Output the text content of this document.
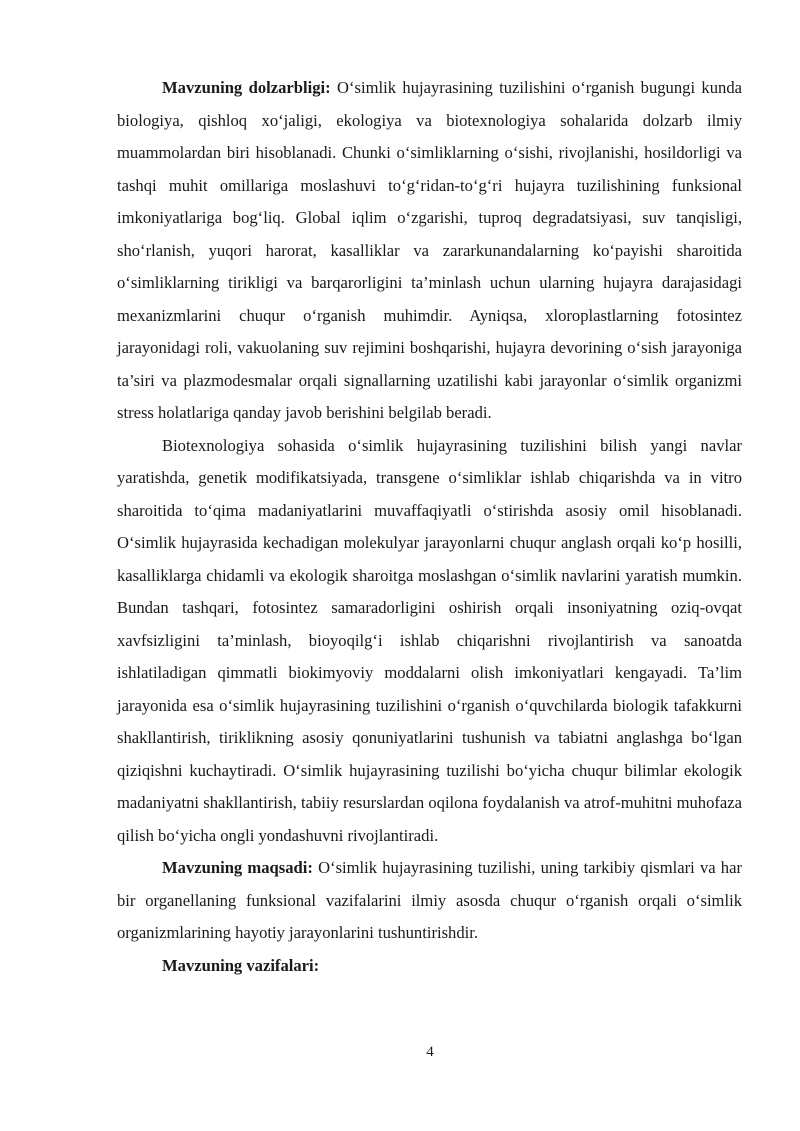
Mavzuning dolzarbligi: O‘simlik hujayrasining tuzilishini o‘rganish bugungi kunda biologiya, qishloq xo‘jaligi, ekologiya va biotexnologiya sohalarida dolzarb ilmiy muammolardan biri hisoblanadi. Chunki o‘simliklarning o‘sishi, rivojlanishi, hosildorligi va tashqi muhit omillariga moslashuvi to‘g‘ridan-to‘g‘ri hujayra tuzilishining funksional imkoniyatlariga bog‘liq. Global iqlim o‘zgarishi, tuproq degradatsiyasi, suv tanqisligi, sho‘rlanish, yuqori harorat, kasalliklar va zararkunandalarning ko‘payishi sharoitida o‘simliklarning tirikligi va barqarorligini ta’minlash uchun ularning hujayra darajasidagi mexanizmlarini chuqur o‘rganish muhimdir. Ayniqsa, xloroplastlarning fotosintez jarayonidagi roli, vakuolaning suv rejimini boshqarishi, hujayra devorining o‘sish jarayoniga ta’siri va plazmodesmalar orqali signallarning uzatilishi kabi jarayonlar o‘simlik organizmi stress holatlariga qanday javob berishini belgilab beradi.

Biotexnologiya sohasida o‘simlik hujayrasining tuzilishini bilish yangi navlar yaratishda, genetik modifikatsiyada, transgene o‘simliklar ishlab chiqarishda va in vitro sharoitida to‘qima madaniyatlarini muvaffaqiyatli o‘stirishda asosiy omil hisoblanadi. O‘simlik hujayrasida kechadigan molekulyar jarayonlarni chuqur anglash orqali ko‘p hosilli, kasalliklarga chidamli va ekologik sharoitga moslashgan o‘simlik navlarini yaratish mumkin. Bundan tashqari, fotosintez samaradorligini oshirish orqali insoniyatning oziq-ovqat xavfsizligini ta’minlash, bioyoqilg‘i ishlab chiqarishni rivojlantirish va sanoatda ishlatiladigan qimmatli biokimyoviy moddalarni olish imkoniyatlari kengayadi. Ta’lim jarayonida esa o‘simlik hujayrasining tuzilishini o‘rganish o‘quvchilarda biologik tafakkurni shakllantirish, tiriklikning asosiy qonuniyatlarini tushunish va tabiatni anglashga bo‘lgan qiziqishni kuchaytiradi. O‘simlik hujayrasining tuzilishi bo‘yicha chuqur bilimlar ekologik madaniyatni shakllantirish, tabiiy resurslardan oqilona foydalanish va atrof-muhitni muhofaza qilish bo‘yicha ongli yondashuvni rivojlantiradi.

Mavzuning maqsadi: O‘simlik hujayrasining tuzilishi, uning tarkibiy qismlari va har bir organellaning funksional vazifalarini ilmiy asosda chuqur o‘rganish orqali o‘simlik organizmlarining hayotiy jarayonlarini tushuntirishdir.

Mavzuning vazifalari:

4
